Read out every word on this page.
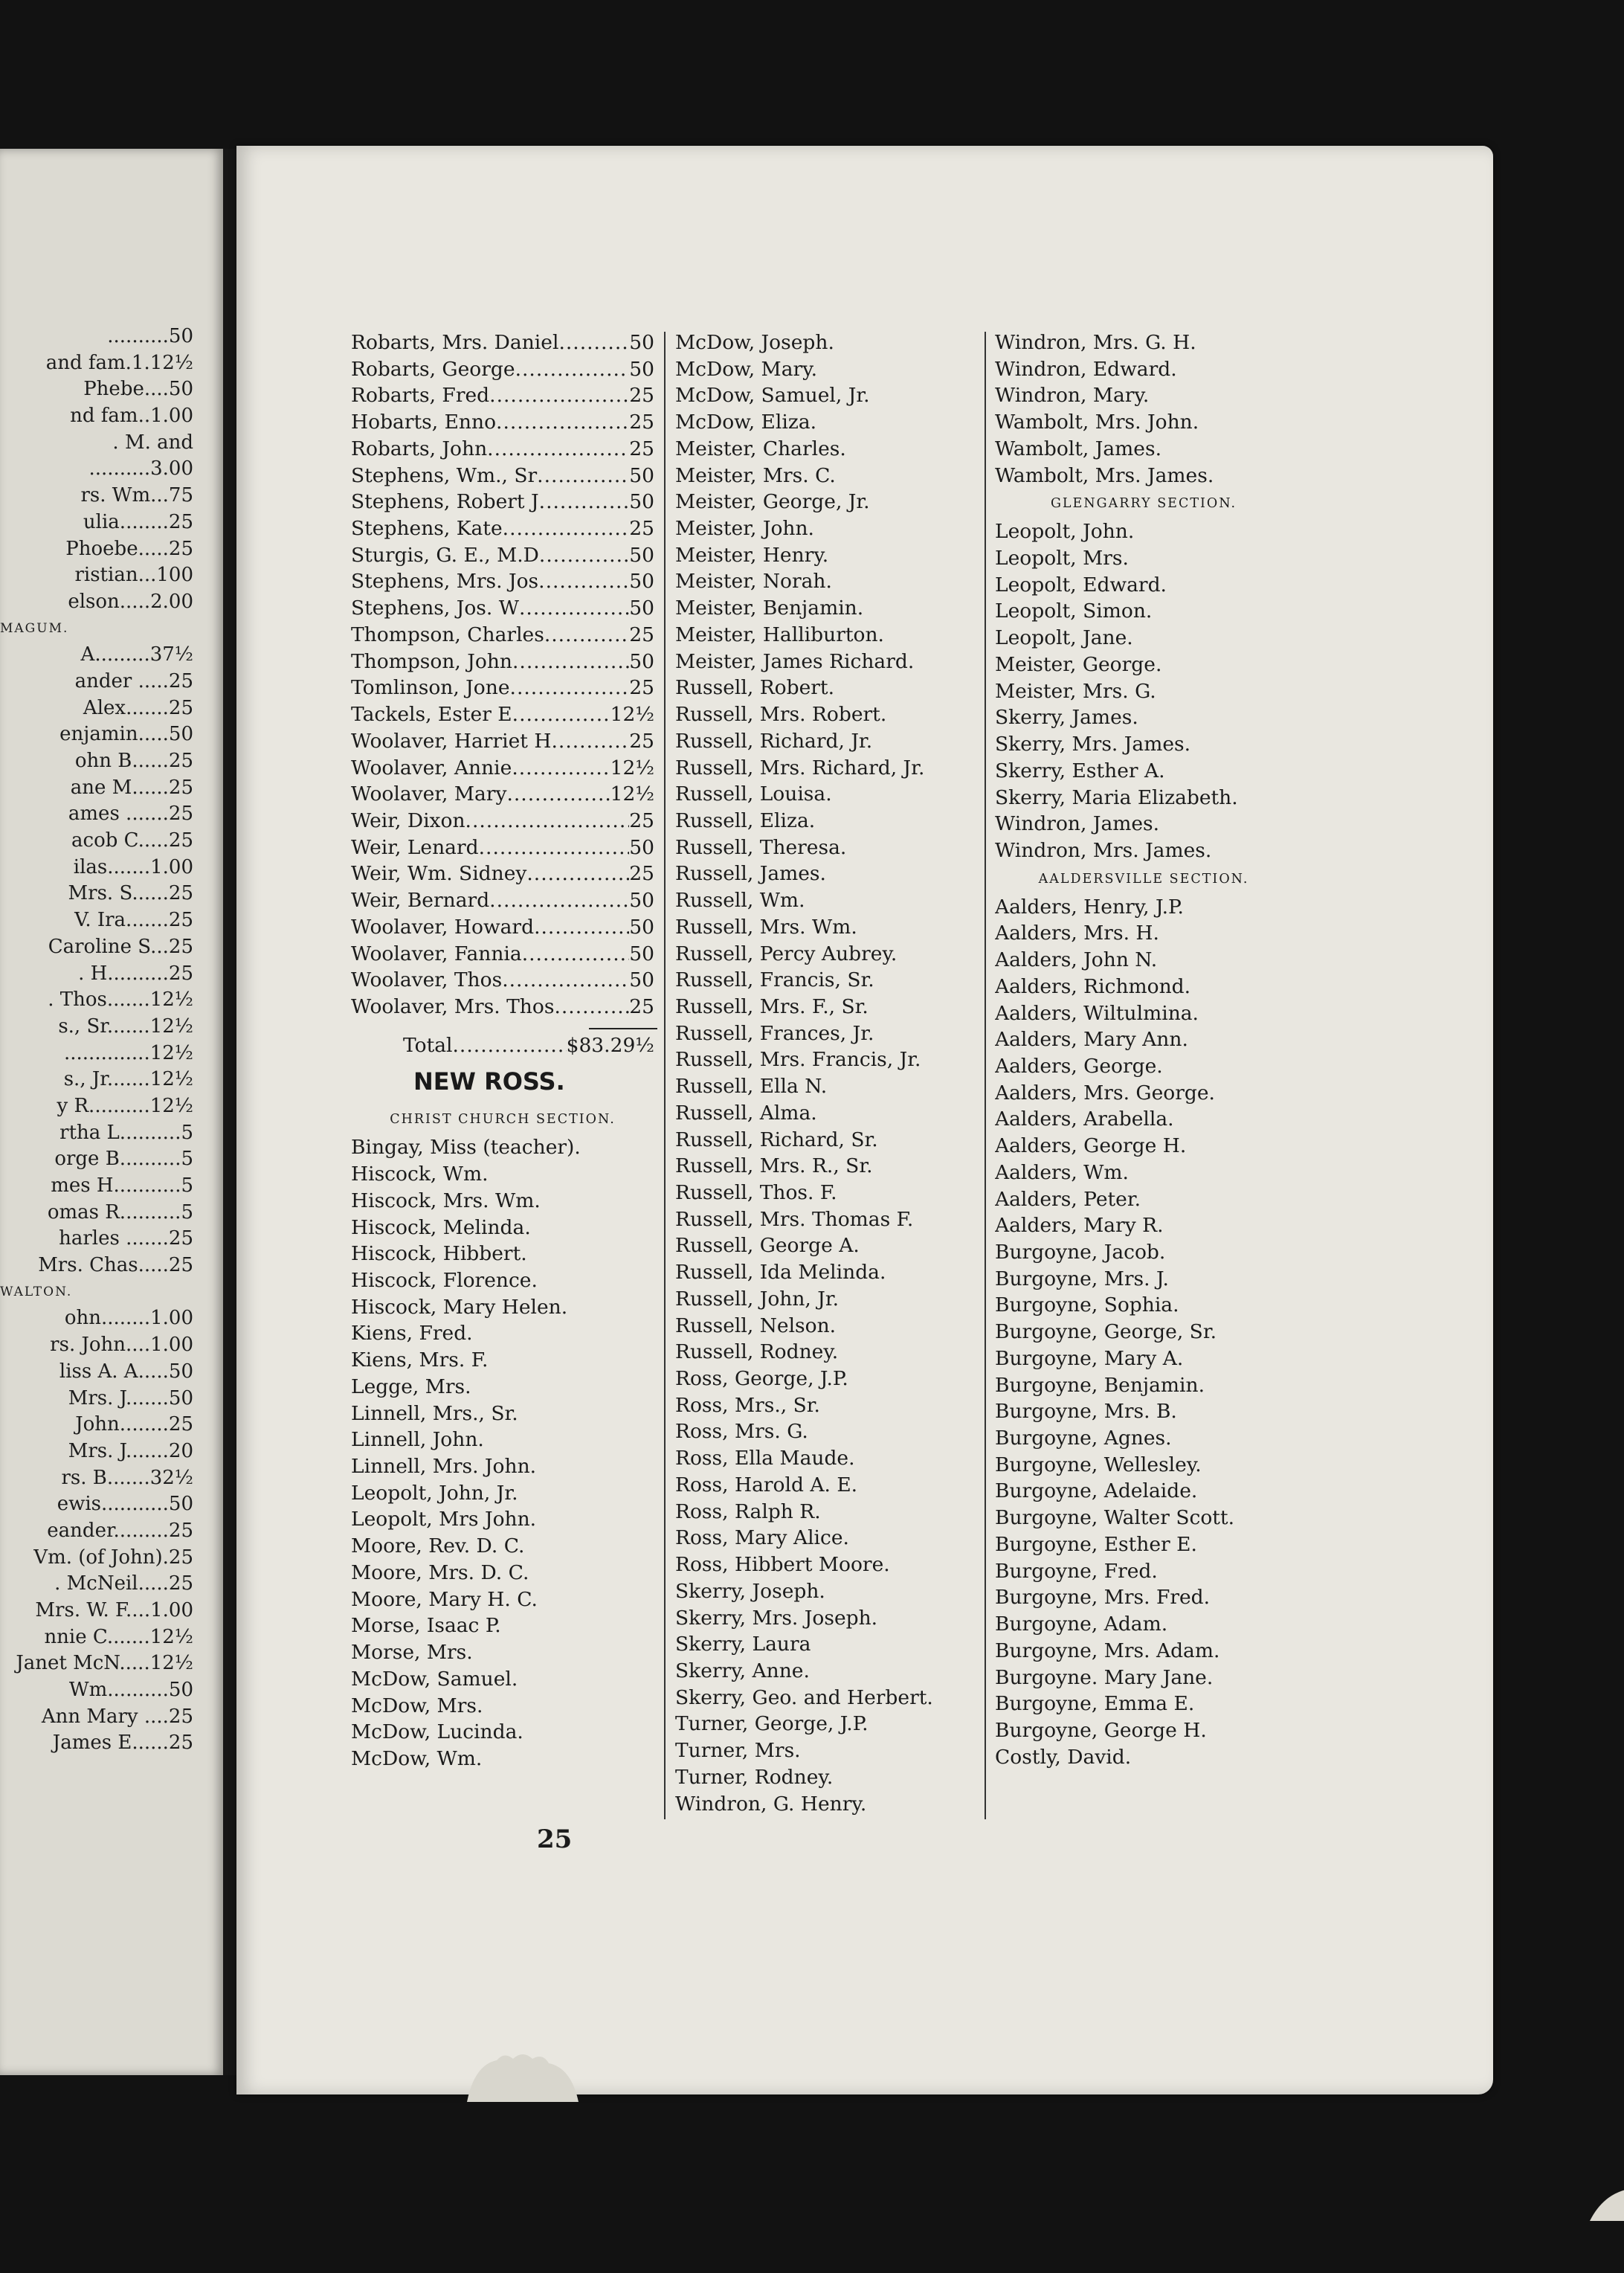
..........50
and fam.1.12½
Phebe....50
nd fam..1.00
. M. and
..........3.00
rs. Wm...75
ulia........25
Phoebe.....25
ristian...100
elson.....2.00
MAGUM.
A.........37½
ander .....25
Alex.......25
enjamin.....50
ohn B......25
ane M......25
ames .......25
acob C.....25
ilas.......1.00
Mrs. S......25
V. Ira.......25
Caroline S...25
. H..........25
. Thos.......12½
s., Sr.......12½
..............12½
s., Jr.......12½
y R..........12½
rtha L..........5
orge B..........5
mes H...........5
omas R..........5
harles .......25
Mrs. Chas.....25
WALTON.
ohn........1.00
rs. John....1.00
liss A. A.....50
Mrs. J.......50
John........25
Mrs. J.......20
rs. B.......32½
ewis...........50
eander.........25
Vm. (of John).25
. McNeil.....25
Mrs. W. F....1.00
nnie C.......12½
Janet McN.....12½
Wm..........50
Ann Mary ....25
James E......25
Robarts, Mrs. Daniel .....	50
Robarts, George .....	50
Robarts, Fred .....	25
Hobarts, Enno .....	25
Robarts, John .....	25
Stephens, Wm., Sr .....	50
Stephens, Robert J .....	50
Stephens, Kate .....	25
Sturgis, G. E., M.D .....	50
Stephens, Mrs. Jos .....	50
Stephens, Jos. W .....	50
Thompson, Charles .....	25
Thompson, John .....	50
Tomlinson, Jone .....	25
Tackels, Ester E .....	12½
Woolaver, Harriet H .....	25
Woolaver, Annie .....	12½
Woolaver, Mary .....	12½
Weir, Dixon .....	25
Weir, Lenard .....	50
Weir, Wm. Sidney .....	25
Weir, Bernard .....	50
Woolaver, Howard .....	50
Woolaver, Fannia .....	50
Woolaver, Thos .....	50
Woolaver, Mrs. Thos .....	25
Total .....	$83.29½
NEW ROSS.
CHRIST CHURCH SECTION.
Bingay, Miss (teacher).
Hiscock, Wm.
Hiscock, Mrs. Wm.
Hiscock, Melinda.
Hiscock, Hibbert.
Hiscock, Florence.
Hiscock, Mary Helen.
Kiens, Fred.
Kiens, Mrs. F.
Legge, Mrs.
Linnell, Mrs., Sr.
Linnell, John.
Linnell, Mrs. John.
Leopolt, John, Jr.
Leopolt, Mrs John.
Moore, Rev. D. C.
Moore, Mrs. D. C.
Moore, Mary H. C.
Morse, Isaac P.
Morse, Mrs.
McDow, Samuel.
McDow, Mrs.
McDow, Lucinda.
McDow, Wm.
McDow, Joseph.
McDow, Mary.
McDow, Samuel, Jr.
McDow, Eliza.
Meister, Charles.
Meister, Mrs. C.
Meister, George, Jr.
Meister, John.
Meister, Henry.
Meister, Norah.
Meister, Benjamin.
Meister, Halliburton.
Meister, James Richard.
Russell, Robert.
Russell, Mrs. Robert.
Russell, Richard, Jr.
Russell, Mrs. Richard, Jr.
Russell, Louisa.
Russell, Eliza.
Russell, Theresa.
Russell, James.
Russell, Wm.
Russell, Mrs. Wm.
Russell, Percy Aubrey.
Russell, Francis, Sr.
Russell, Mrs. F., Sr.
Russell, Frances, Jr.
Russell, Mrs. Francis, Jr.
Russell, Ella N.
Russell, Alma.
Russell, Richard, Sr.
Russell, Mrs. R., Sr.
Russell, Thos. F.
Russell, Mrs. Thomas F.
Russell, George A.
Russell, Ida Melinda.
Russell, John, Jr.
Russell, Nelson.
Russell, Rodney.
Ross, George, J.P.
Ross, Mrs., Sr.
Ross, Mrs. G.
Ross, Ella Maude.
Ross, Harold A. E.
Ross, Ralph R.
Ross, Mary Alice.
Ross, Hibbert Moore.
Skerry, Joseph.
Skerry, Mrs. Joseph.
Skerry, Laura
Skerry, Anne.
Skerry, Geo. and Herbert.
Turner, George, J.P.
Turner, Mrs.
Turner, Rodney.
Windron, G. Henry.
Windron, Mrs. G. H.
Windron, Edward.
Windron, Mary.
Wambolt, Mrs. John.
Wambolt, James.
Wambolt, Mrs. James.
GLENGARRY SECTION.
Leopolt, John.
Leopolt, Mrs.
Leopolt, Edward.
Leopolt, Simon.
Leopolt, Jane.
Meister, George.
Meister, Mrs. G.
Skerry, James.
Skerry, Mrs. James.
Skerry, Esther A.
Skerry, Maria Elizabeth.
Windron, James.
Windron, Mrs. James.
AALDERSVILLE SECTION.
Aalders, Henry, J.P.
Aalders, Mrs. H.
Aalders, John N.
Aalders, Richmond.
Aalders, Wiltulmina.
Aalders, Mary Ann.
Aalders, George.
Aalders, Mrs. George.
Aalders, Arabella.
Aalders, George H.
Aalders, Wm.
Aalders, Peter.
Aalders, Mary R.
Burgoyne, Jacob.
Burgoyne, Mrs. J.
Burgoyne, Sophia.
Burgoyne, George, Sr.
Burgoyne, Mary A.
Burgoyne, Benjamin.
Burgoyne, Mrs. B.
Burgoyne, Agnes.
Burgoyne, Wellesley.
Burgoyne, Adelaide.
Burgoyne, Walter Scott.
Burgoyne, Esther E.
Burgoyne, Fred.
Burgoyne, Mrs. Fred.
Burgoyne, Adam.
Burgoyne, Mrs. Adam.
Burgoyne. Mary Jane.
Burgoyne, Emma E.
Burgoyne, George H.
Costly, David.
25
